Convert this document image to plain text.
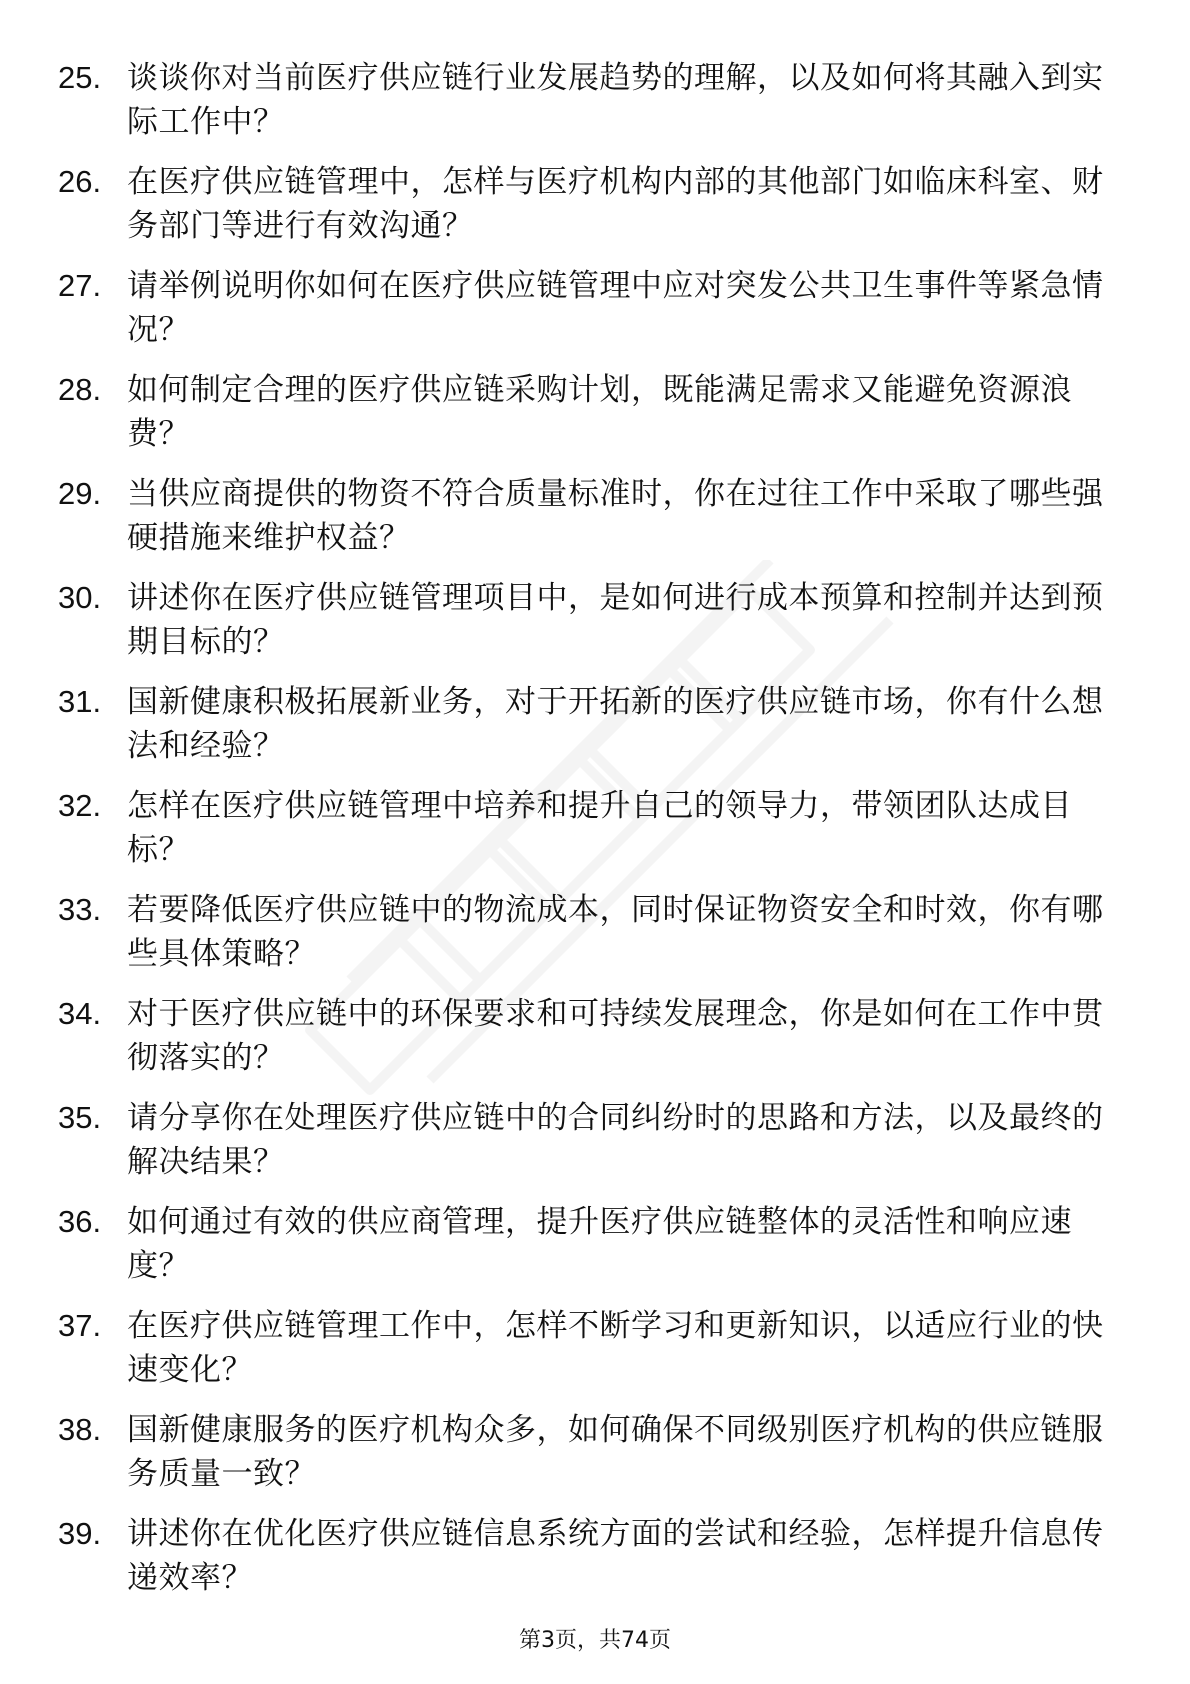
25. 谈谈你对当前医疗供应链行业发展趋势的理解，以及如何将其融入到实际工作中？
26. 在医疗供应链管理中，怎样与医疗机构内部的其他部门如临床科室、财务部门等进行有效沟通？
27. 请举例说明你如何在医疗供应链管理中应对突发公共卫生事件等紧急情况？
28. 如何制定合理的医疗供应链采购计划，既能满足需求又能避免资源浪费？
29. 当供应商提供的物资不符合质量标准时，你在过往工作中采取了哪些强硬措施来维护权益？
30. 讲述你在医疗供应链管理项目中，是如何进行成本预算和控制并达到预期目标的？
31. 国新健康积极拓展新业务，对于开拓新的医疗供应链市场，你有什么想法和经验？
32. 怎样在医疗供应链管理中培养和提升自己的领导力，带领团队达成目标？
33. 若要降低医疗供应链中的物流成本，同时保证物资安全和时效，你有哪些具体策略？
34. 对于医疗供应链中的环保要求和可持续发展理念，你是如何在工作中贯彻落实的？
35. 请分享你在处理医疗供应链中的合同纠纷时的思路和方法，以及最终的解决结果？
36. 如何通过有效的供应商管理，提升医疗供应链整体的灵活性和响应速度？
37. 在医疗供应链管理工作中，怎样不断学习和更新知识，以适应行业的快速变化？
38. 国新健康服务的医疗机构众多，如何确保不同级别医疗机构的供应链服务质量一致？
39. 讲述你在优化医疗供应链信息系统方面的尝试和经验，怎样提升信息传递效率？
第3页，共74页
